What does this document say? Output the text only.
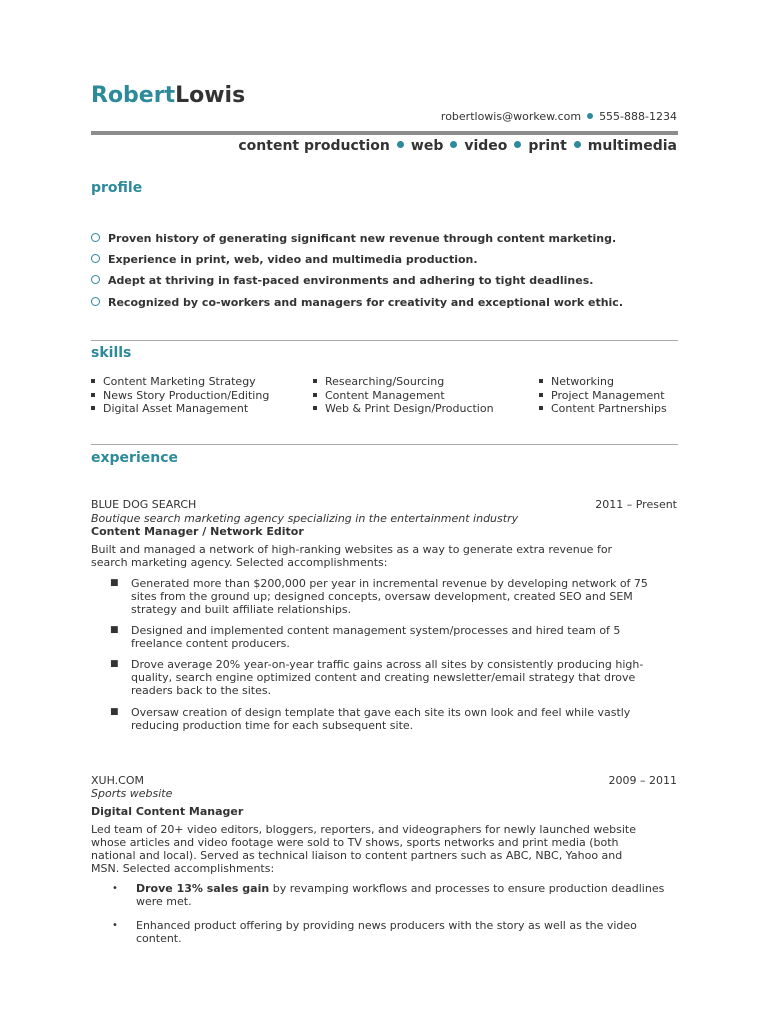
RobertLowis
robertlowis@workew.com 555-888-1234
content production web video print multimedia
profile
Proven history of generating significant new revenue through content marketing.
Experience in print, web, video and multimedia production.
Adept at thriving in fast-paced environments and adhering to tight deadlines.
Recognized by co-workers and managers for creativity and exceptional work ethic.
skills
Content Marketing Strategy
News Story Production/Editing
Digital Asset Management
Researching/Sourcing
Content Management
Web & Print Design/Production
Networking
Project Management
Content Partnerships
experience
BLUE DOG SEARCH	2011 – Present
Boutique search marketing agency specializing in the entertainment industry
Content Manager / Network Editor
Built and managed a network of high-ranking websites as a way to generate extra revenue for search marketing agency. Selected accomplishments:
■ Generated more than $200,000 per year in incremental revenue by developing network of 75 sites from the ground up; designed concepts, oversaw development, created SEO and SEM strategy and built affiliate relationships.
■ Designed and implemented content management system/processes and hired team of 5 freelance content producers.
■ Drove average 20% year-on-year traffic gains across all sites by consistently producing high-quality, search engine optimized content and creating newsletter/email strategy that drove readers back to the sites.
■ Oversaw creation of design template that gave each site its own look and feel while vastly reducing production time for each subsequent site.
XUH.COM	2009 – 2011
Sports website
Digital Content Manager
Led team of 20+ video editors, bloggers, reporters, and videographers for newly launched website whose articles and video footage were sold to TV shows, sports networks and print media (both national and local). Served as technical liaison to content partners such as ABC, NBC, Yahoo and MSN. Selected accomplishments:
• Drove 13% sales gain by revamping workflows and processes to ensure production deadlines were met.
• Enhanced product offering by providing news producers with the story as well as the video content.
